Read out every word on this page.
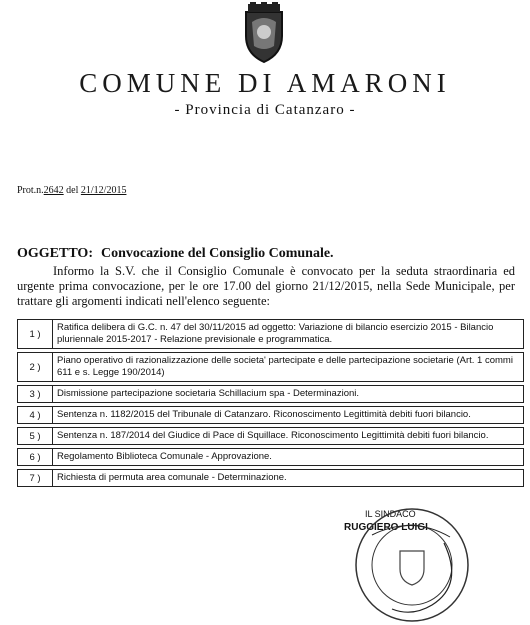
COMUNE DI AMARONI
- Provincia di Catanzaro -
Prot.n.2642 del 21/12/2015
OGGETTO: Convocazione del Consiglio Comunale.
Informo la S.V. che il Consiglio Comunale è convocato per la seduta straordinaria ed urgente prima convocazione, per le ore 17.00 del giorno 21/12/2015, nella Sede Municipale, per trattare gli argomenti indicati nell'elenco seguente:
1 )	Ratifica delibera di G.C. n. 47 del 30/11/2015 ad oggetto: Variazione di bilancio esercizio 2015 - Bilancio pluriennale 2015-2017 - Relazione previsionale e programmatica.
2 )	Piano operativo di razionalizzazione delle societa' partecipate e delle partecipazione societarie (Art. 1 commi 611 e s. Legge 190/2014)
3 )	Dismissione partecipazione societaria Schillacium spa - Determinazioni.
4 )	Sentenza n. 1182/2015 del Tribunale di Catanzaro. Riconoscimento Legittimità debiti fuori bilancio.
5 )	Sentenza n. 187/2014 del Giudice di Pace di Squillace. Riconoscimento Legittimità debiti fuori bilancio.
6 )	Regolamento Biblioteca Comunale - Approvazione.
7 )	Richiesta di permuta area comunale - Determinazione.
IL SINDACO
RUGGIERO LUIGI
